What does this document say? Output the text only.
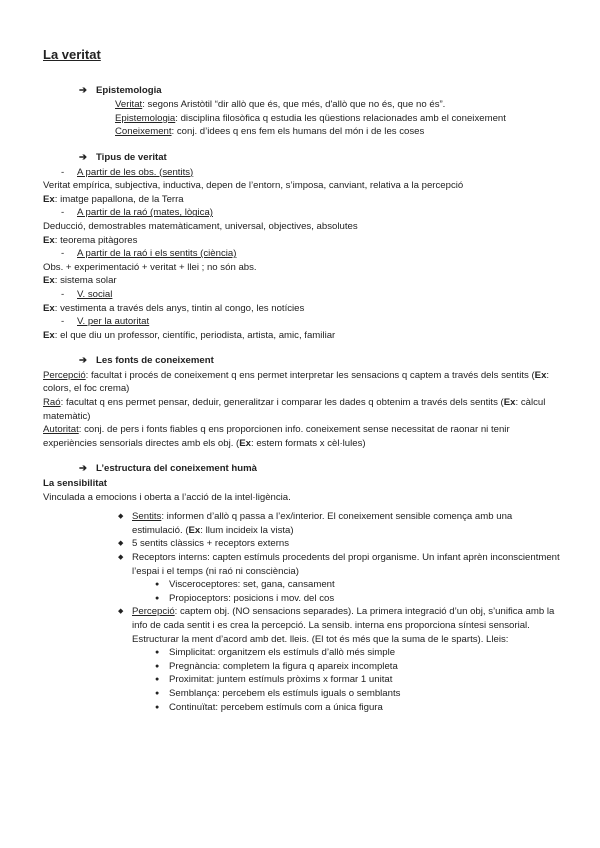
La veritat
➔ Epistemologia

Veritat: segons Aristòtil “dir allò que és, que més, d'allò que no és, que no és”.

Epistemologia: disciplina filosòfica q estudia les qüestions relacionades amb el coneixement

Coneixement: conj. d’idees q ens fem els humans del món i de les coses

➔ Tipus de veritat
-	A partir de les obs. (sentits)

Veritat empírica, subjectiva, inductiva, depen de l’entorn, s’imposa, canviant, relativa a la percepció

Ex: imatge papallona, de la Terra

-	A partir de la raó (mates, lògica)

Deducció, demostrables matemàticament, universal, objectives, absolutes

Ex: teorema pitàgores

-	A partir de la raó i els sentits (ciència)

Obs. + experimentació + veritat + llei ; no són abs.

Ex: sistema solar

-	V. social

Ex: vestimenta a través dels anys, tintin al congo, les notícies

-	V. per la autoritat

Ex: el que diu un professor, científic, periodista, artista, amic, familiar

➔ Les fonts de coneixement

Percepció: facultat i procés de coneixement q ens permet interpretar les sensacions q captem a través dels sentits (Ex: colors, el foc crema)

Raó: facultat q ens permet pensar, deduir, generalitzar i comparar les dades q obtenim a través dels sentits (Ex: càlcul matemàtic)

Autoritat: conj. de pers i fonts fiables q ens proporcionen info. coneixement sense necessitat de raonar ni tenir experiències sensorials directes amb els obj. (Ex: estem formats x cèl·lules)

➔ L’estructura del coneixement humà

La sensibilitat

Vinculada a emocions i oberta a l’acció de la intel·ligència.

◆ Sentits: informen d’allò q passa a l’ex/interior. El coneixement sensible comença amb una estimulació. (Ex: llum incideix la vista)
◆ 5 sentits clàssics + receptors externs
◆ Receptors interns: capten estímuls procedents del propi organisme. Un infant aprèn inconscientment l’espai i el temps (ni raó ni consciència)
● Visceroceptores: set, gana, cansament
● Propioceptors: posicions i mov. del cos
◆ Percepció: captem obj. (NO sensacions separades). La primera integració d’un obj, s’unifica amb la info de cada sentit i es crea la percepció. La sensib. interna ens proporciona síntesi sensorial. Estructurar la ment d’acord amb det. lleis. (El tot és més que la suma de le sparts). Lleis:
● Simplicitat: organitzem els estímuls d’allò més simple
● Pregnància: completem la figura q apareix incompleta
● Proximitat: juntem estímuls pròxims x formar 1 unitat
● Semblança: percebem els estímuls iguals o semblants
● Continuïtat: percebem estímuls com a única figura
